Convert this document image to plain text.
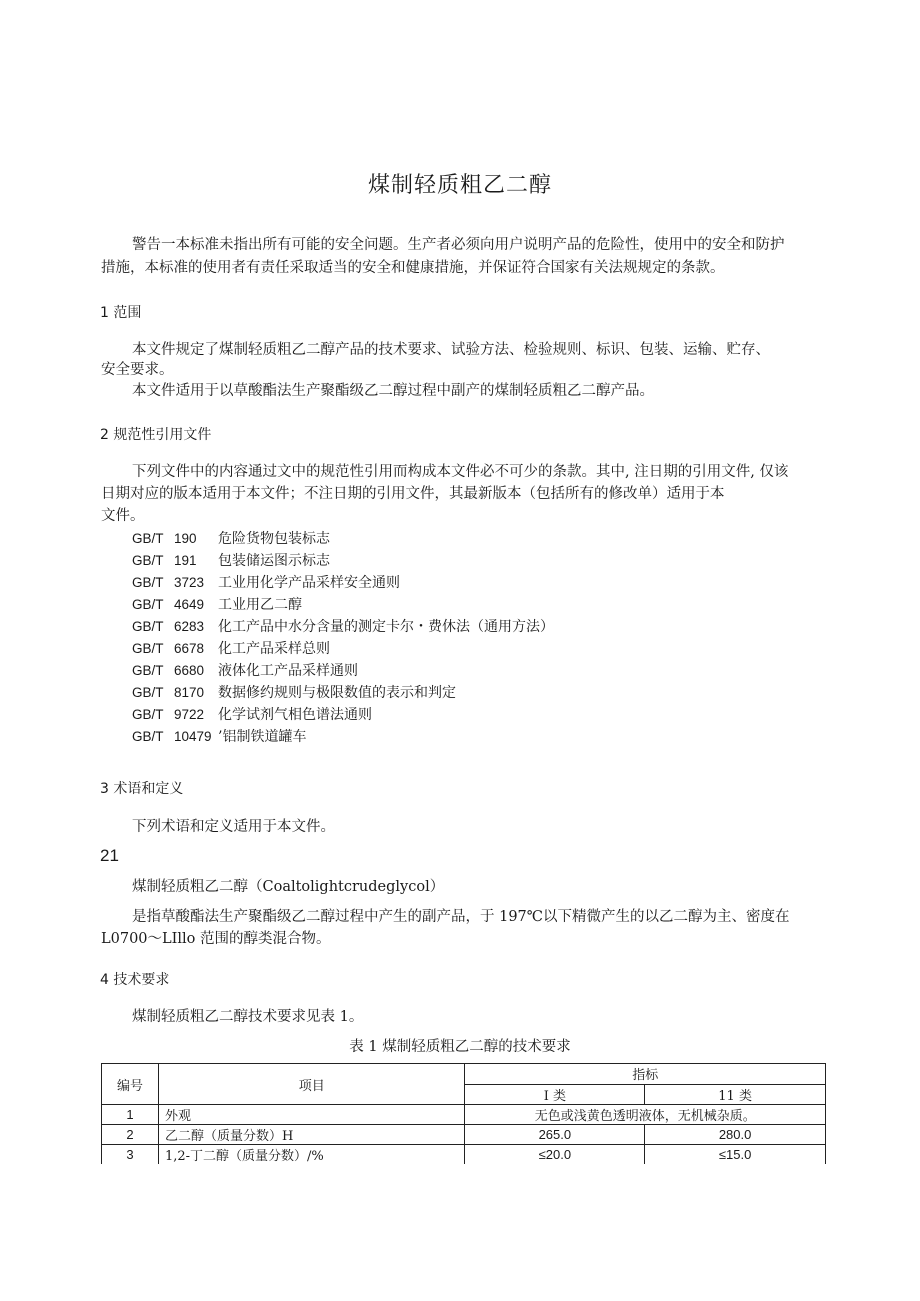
煤制轻质粗乙二醇
警告一本标准未指出所有可能的安全问题。生产者必须向用户说明产品的危险性，使用中的安全和防护
措施，本标准的使用者有责任采取适当的安全和健康措施，并保证符合国家有关法规规定的条款。
1 范围
本文件规定了煤制轻质粗乙二醇产品的技术要求、试验方法、检验规则、标识、包装、运输、贮存、
安全要求。
本文件适用于以草酸酯法生产聚酯级乙二醇过程中副产的煤制轻质粗乙二醇产品。
2 规范性引用文件
下列文件中的内容通过文中的规范性引用而构成本文件必不可少的条款。其中, 注日期的引用文件, 仅该
日期对应的版本适用于本文件；不注日期的引用文件，其最新版本（包括所有的修改单）适用于本
文件。
GB/T 190 危险货物包装标志
GB/T 191 包装储运图示标志
GB/T 3723 工业用化学产品采样安全通则
GB/T 4649 工业用乙二醇
GB/T 6283 化工产品中水分含量的测定卡尔・费休法（通用方法）
GB/T 6678 化工产品采样总则
GB/T 6680 液体化工产品采样通则
GB/T 8170 数据修约规则与极限数值的表示和判定
GB/T 9722 化学试剂气相色谱法通则
GB/T 10479 ’铝制铁道罐车
3 术语和定义
下列术语和定义适用于本文件。
21
煤制轻质粗乙二醇（Coaltolightcrudeglycol）
是指草酸酯法生产聚酯级乙二醇过程中产生的副产品，于 197℃以下精微产生的以乙二醇为主、密度在
L0700～LIllo 范围的醇类混合物。
4 技术要求
煤制轻质粗乙二醇技术要求见表 1。
表 1 煤制轻质粗乙二醇的技术要求
编号	项目	指标	
		I 类	11 类
1	外观	无色或浅黄色透明液体，无机械杂质。	
2	乙二醇（质量分数）H	265.0	280.0
3	1,2-丁二醇（质量分数）/%	≤20.0	≤15.0
